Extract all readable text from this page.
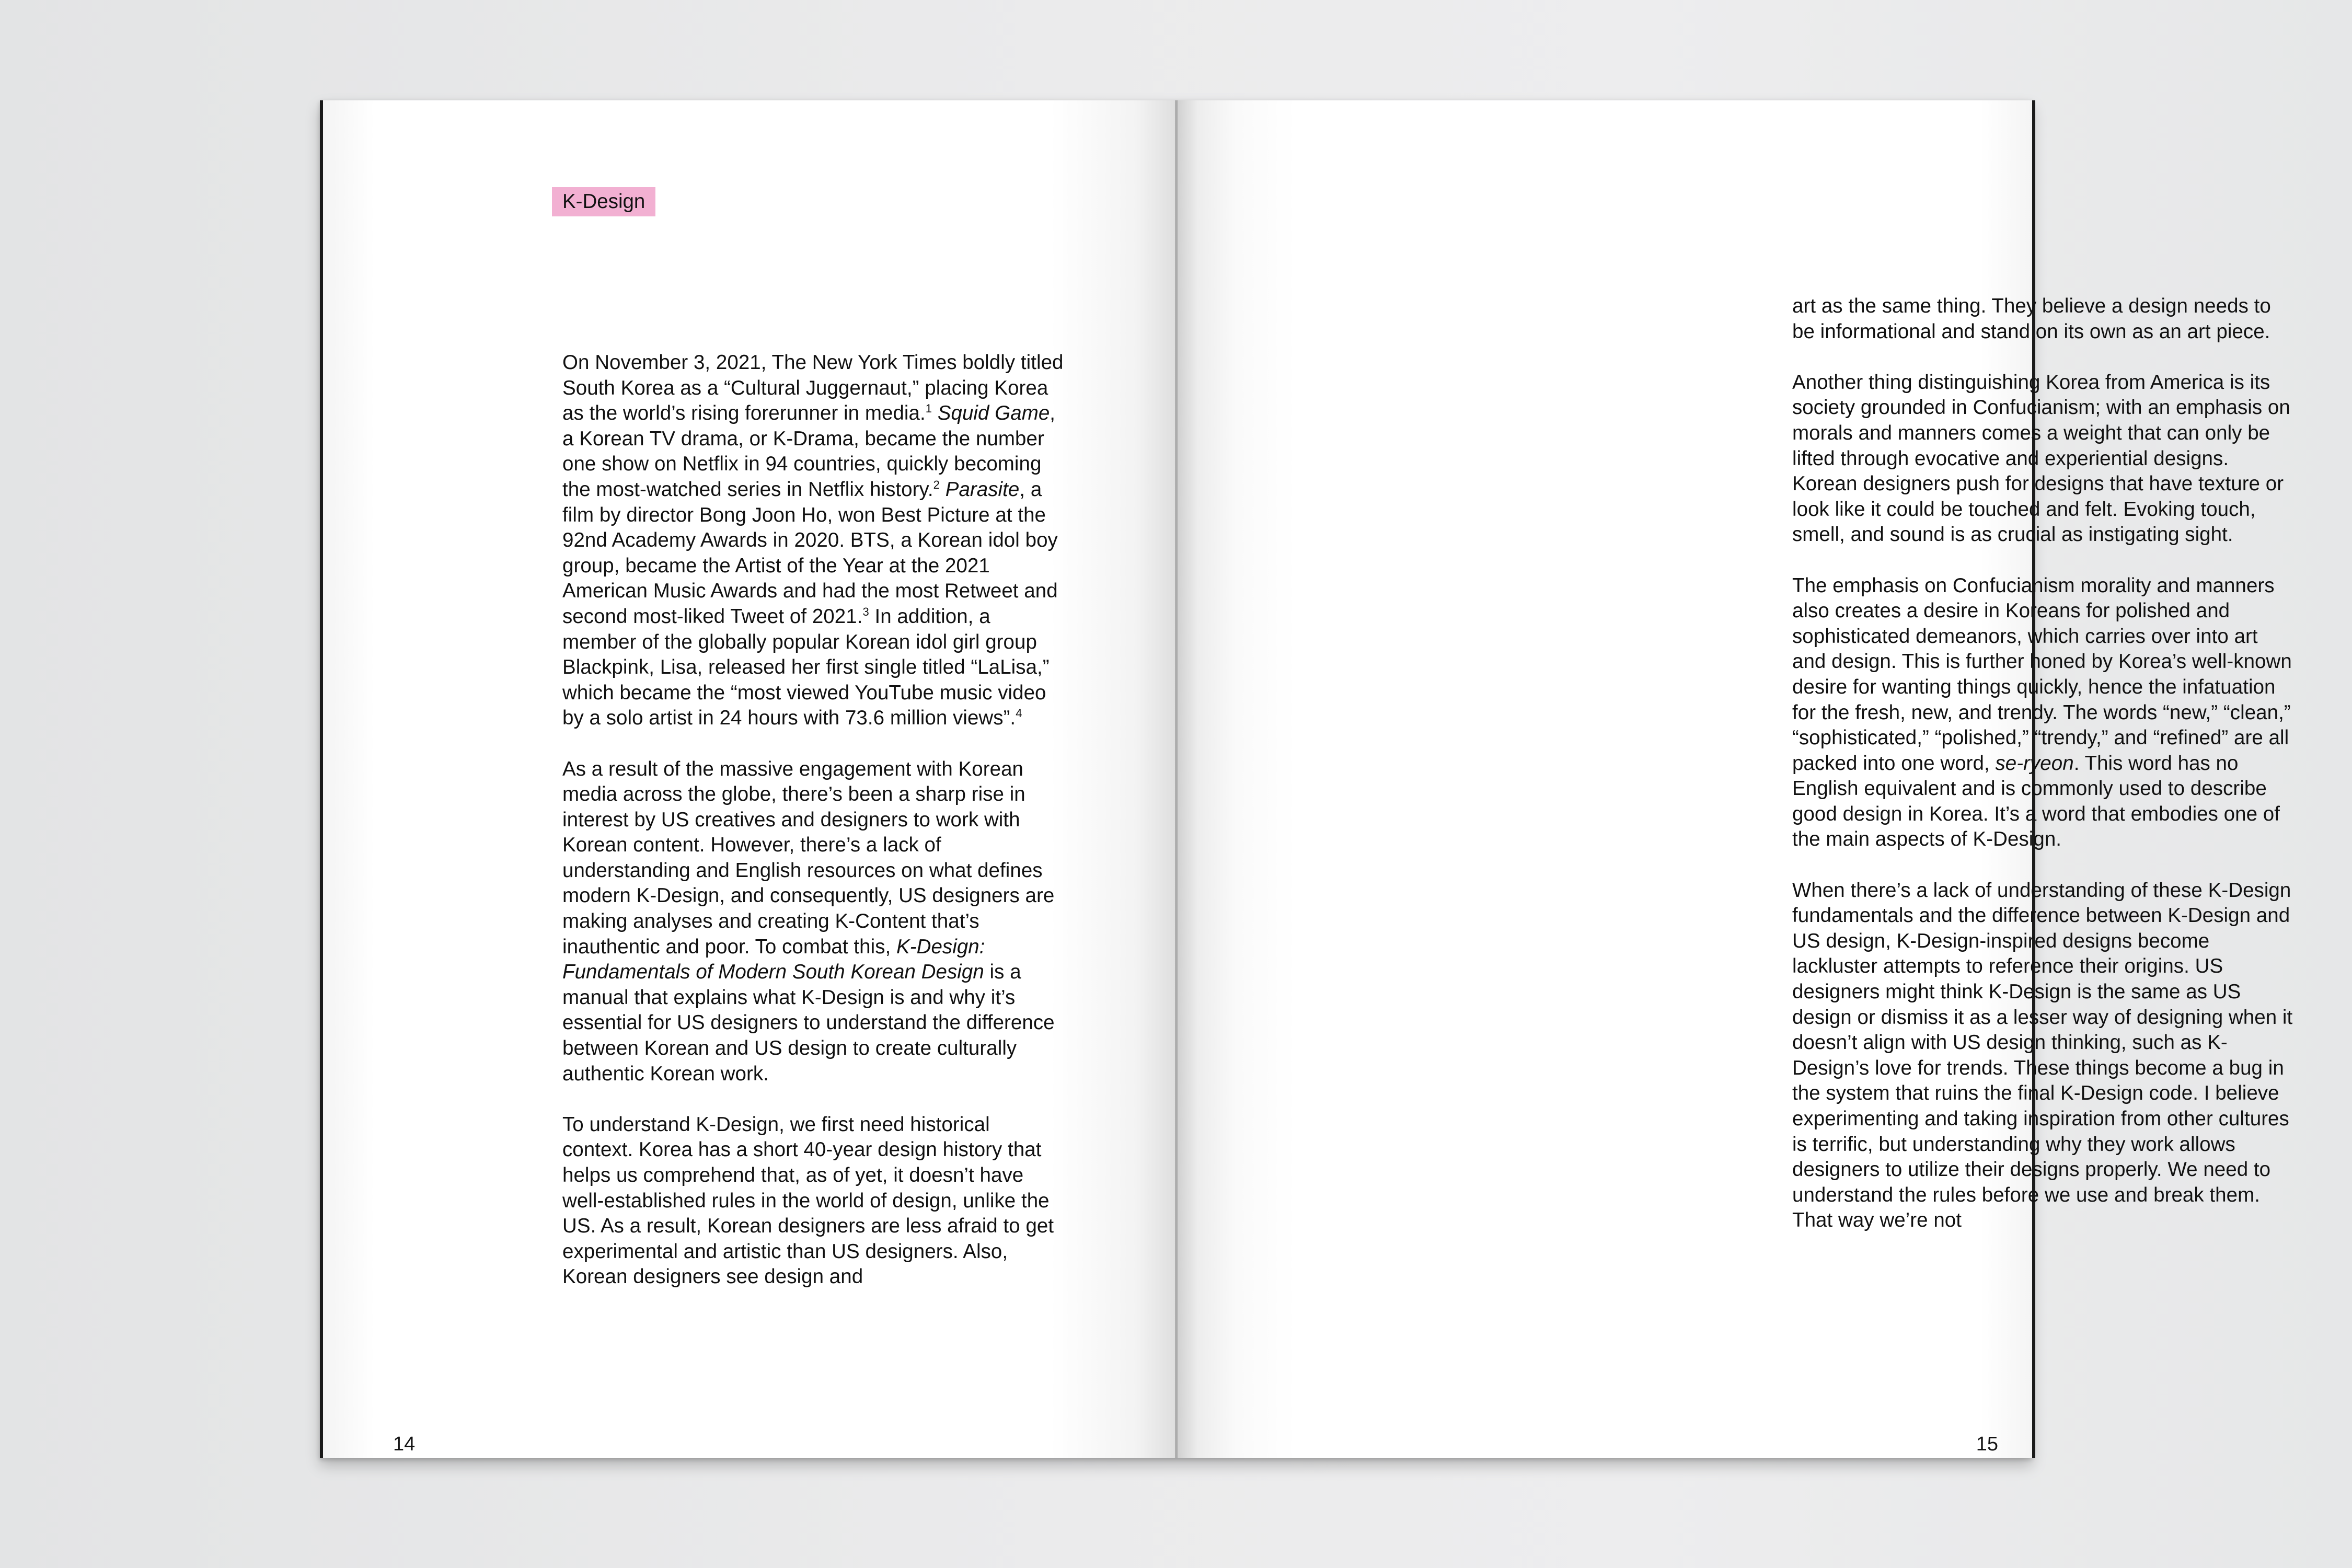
K-Design

On November 3, 2021, The New York Times boldly titled South Korea as a “Cultural Juggernaut,” placing Korea as the world’s rising forerunner in media.$^1$ Squid Game, a Korean TV drama, or K-Drama, became the number one show on Netflix in 94 countries, quickly becoming the most-watched series in Netflix history.$^2$ Parasite, a film by director Bong Joon Ho, won Best Picture at the 92nd Academy Awards in 2020. BTS, a Korean idol boy group, became the Artist of the Year at the 2021 American Music Awards and had the most Retweet and second most-liked Tweet of 2021.$^3$ In addition, a member of the globally popular Korean idol girl group Blackpink, Lisa, released her first single titled “LaLisa,” which became the “most viewed YouTube music video by a solo artist in 24 hours with 73.6 million views”.$^4$

As a result of the massive engagement with Korean media across the globe, there’s been a sharp rise in interest by US creatives and designers to work with Korean content. However, there’s a lack of understanding and English resources on what defines modern K-Design, and consequently, US designers are making analyses and creating K-Content that’s inauthentic and poor. To combat this, K-Design: Fundamentals of Modern South Korean Design is a manual that explains what K-Design is and why it’s essential for US designers to understand the difference between Korean and US design to create culturally authentic Korean work.

To understand K-Design, we first need historical context. Korea has a short 40-year design history that helps us comprehend that, as of yet, it doesn’t have well-established rules in the world of design, unlike the US. As a result, Korean designers are less afraid to get experimental and artistic than US designers. Also, Korean designers see design and

14

art as the same thing. They believe a design needs to be informational and stand on its own as an art piece.

Another thing distinguishing Korea from America is its society grounded in Confucianism; with an emphasis on morals and manners comes a weight that can only be lifted through evocative and experiential designs. Korean designers push for designs that have texture or look like it could be touched and felt. Evoking touch, smell, and sound is as crucial as instigating sight.

The emphasis on Confucianism morality and manners also creates a desire in Koreans for polished and sophisticated demeanors, which carries over into art and design. This is further honed by Korea’s well-known desire for wanting things quickly, hence the infatuation for the fresh, new, and trendy. The words “new,” “clean,” “sophisticated,” “polished,” “trendy,” and “refined” are all packed into one word, se-ryeon. This word has no English equivalent and is commonly used to describe good design in Korea. It’s a word that embodies one of the main aspects of K-Design.

When there’s a lack of understanding of these K-Design fundamentals and the difference between K-Design and US design, K-Design-inspired designs become lackluster attempts to reference their origins. US designers might think K-Design is the same as US design or dismiss it as a lesser way of designing when it doesn’t align with US design thinking, such as K-Design’s love for trends. These things become a bug in the system that ruins the final K-Design code. I believe experimenting and taking inspiration from other cultures is terrific, but understanding why they work allows designers to utilize their designs properly. We need to understand the rules before we use and break them. That way we’re not

15
